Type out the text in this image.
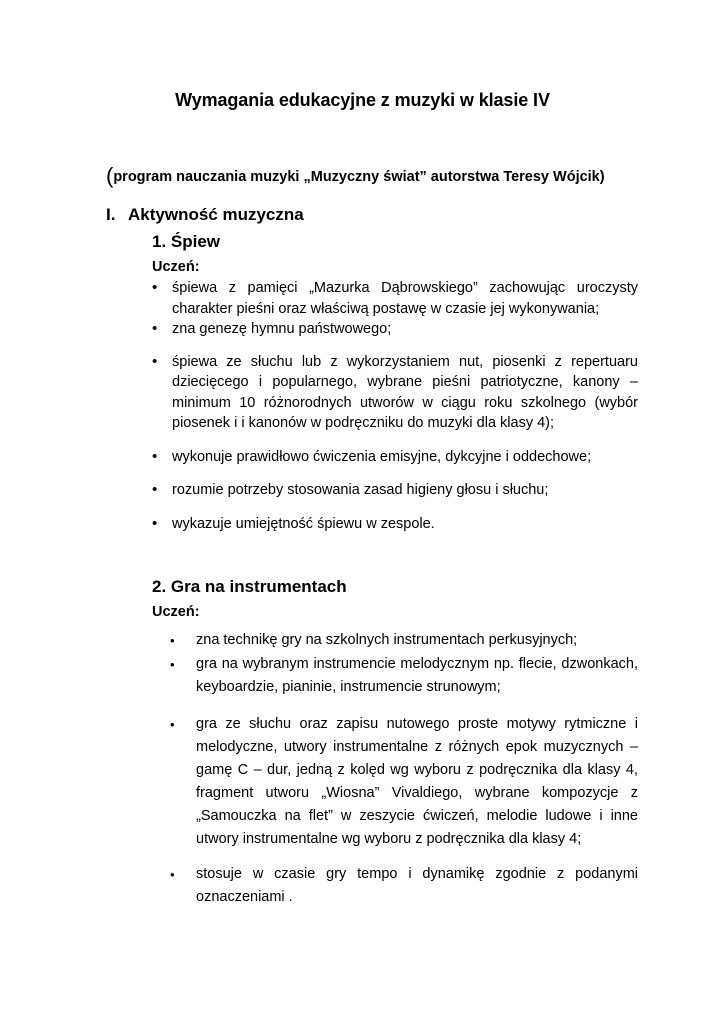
Wymagania edukacyjne z muzyki w klasie IV
(program nauczania muzyki „Muzyczny świat” autorstwa Teresy Wójcik)
I. Aktywność muzyczna
1. Śpiew
Uczeń:
• śpiewa z pamięci „Mazurka Dąbrowskiego” zachowując uroczysty charakter pieśni oraz właściwą postawę w czasie jej wykonywania;
• zna genezę hymnu państwowego;
• śpiewa ze słuchu lub z wykorzystaniem nut, piosenki z repertuaru dziecięcego i popularnego, wybrane pieśni patriotyczne, kanony – minimum 10 różnorodnych utworów w ciągu roku szkolnego (wybór piosenek i i kanonów w podręczniku do muzyki dla klasy 4);
• wykonuje prawidłowo ćwiczenia emisyjne, dykcyjne i oddechowe;
• rozumie potrzeby stosowania zasad higieny głosu i słuchu;
• wykazuje umiejętność śpiewu w zespole.
2. Gra na instrumentach
Uczeń:
• zna technikę gry na szkolnych instrumentach perkusyjnych;
• gra na wybranym instrumencie melodycznym np. flecie, dzwonkach, keyboardzie, pianinie, instrumencie strunowym;
• gra ze słuchu oraz zapisu nutowego proste motywy rytmiczne i melodyczne, utwory instrumentalne z różnych epok muzycznych – gamę C – dur, jedną z kolęd wg wyboru z podręcznika dla klasy 4, fragment utworu „Wiosna” Vivaldiego, wybrane kompozycje z „Samouczka na flet” w zeszycie ćwiczeń, melodie ludowe i inne utwory instrumentalne wg wyboru z podręcznika dla klasy 4;
• stosuje w czasie gry tempo i dynamikę zgodnie z podanymi oznaczeniami .
